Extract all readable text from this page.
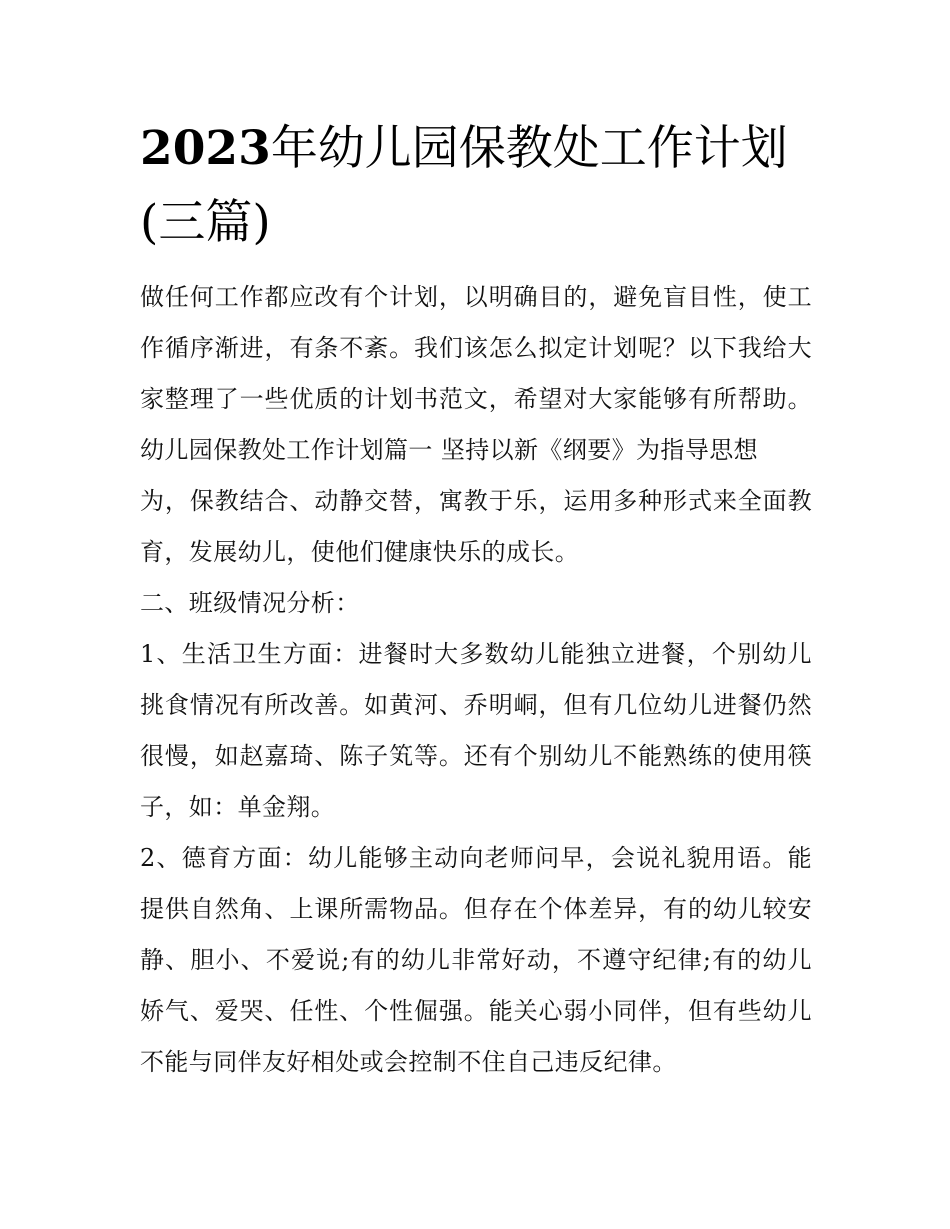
2023年幼儿园保教处工作计划
(三篇)
做任何工作都应改有个计划，以明确目的，避免盲目性，使工
作循序渐进，有条不紊。我们该怎么拟定计划呢？以下我给大
家整理了一些优质的计划书范文，希望对大家能够有所帮助。
幼儿园保教处工作计划篇一 坚持以新《纲要》为指导思想
为，保教结合、动静交替，寓教于乐，运用多种形式来全面教
育，发展幼儿，使他们健康快乐的成长。
二、班级情况分析：
1、生活卫生方面：进餐时大多数幼儿能独立进餐，个别幼儿
挑食情况有所改善。如黄河、乔明峒，但有几位幼儿进餐仍然
很慢，如赵嘉琦、陈子笂等。还有个别幼儿不能熟练的使用筷
子，如：单金翔。
2、德育方面：幼儿能够主动向老师问早，会说礼貌用语。能
提供自然角、上课所需物品。但存在个体差异，有的幼儿较安
静、胆小、不爱说;有的幼儿非常好动，不遵守纪律;有的幼儿
娇气、爱哭、任性、个性倔强。能关心弱小同伴，但有些幼儿
不能与同伴友好相处或会控制不住自己违反纪律。
